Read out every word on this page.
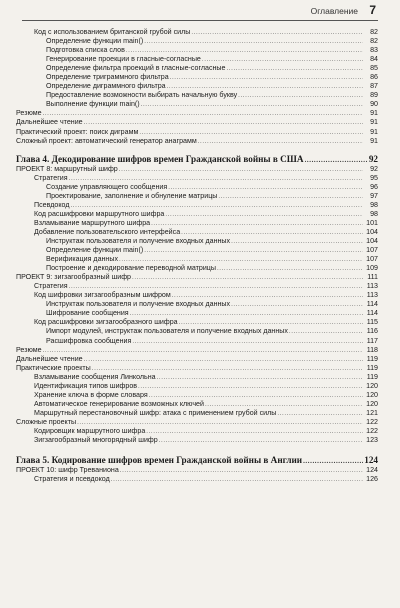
Оглавление 7
Код с использованием британской грубой силы .....	82
Определение функции main() .....	82
Подготовка списка слов .....	83
Генерирование проекции в гласные-согласные .....	84
Определение фильтра проекций в гласные-согласные .....	85
Определение триграммного фильтра .....	86
Определение диграммного фильтра .....	87
Предоставление возможности выбирать начальную букву .....	89
Выполнение функции main() .....	90
Резюме .....	91
Дальнейшее чтение .....	91
Практический проект: поиск диграмм .....	91
Сложный проект: автоматический генератор анаграмм .....	91
Глава 4. Декодирование шифров времен Гражданской войны в США .....	92
ПРОЕКТ 8: маршрутный шифр .....	92
Стратегия .....	95
Создание управляющего сообщения .....	96
Проектирование, заполнение и обнуление матрицы .....	97
Псевдокод .....	98
Код расшифровки маршрутного шифра .....	98
Взламывание маршрутного шифра .....	101
Добавление пользовательского интерфейса .....	104
Инструктаж пользователя и получение входных данных .....	104
Определение функции main() .....	107
Верификация данных .....	107
Построение и декодирование переводной матрицы .....	109
ПРОЕКТ 9: зигзагообразный шифр .....	111
Стратегия .....	113
Код шифровки зигзагообразным шифром .....	113
Инструктаж пользователя и получение входных данных .....	114
Шифрование сообщения .....	114
Код расшифровки зигзагообразного шифра .....	115
Импорт модулей, инструктаж пользователя и получение входных данных .....	116
Расшифровка сообщения .....	117
Резюме .....	118
Дальнейшее чтение .....	119
Практические проекты .....	119
Взламывание сообщения Линкольна .....	119
Идентификация типов шифров .....	120
Хранение ключа в форме словаря .....	120
Автоматическое генерирование возможных ключей .....	120
Маршрутный перестановочный шифр: атака с применением грубой силы .....	121
Сложные проекты .....	122
Кодировщик маршрутного шифра .....	122
Зигзагообразный многорядный шифр .....	123
Глава 5. Кодирование шифров времен Гражданской войны в Англии .....	124
ПРОЕКТ 10: шифр Треваниона .....	124
Стратегия и псевдокод .....	126
